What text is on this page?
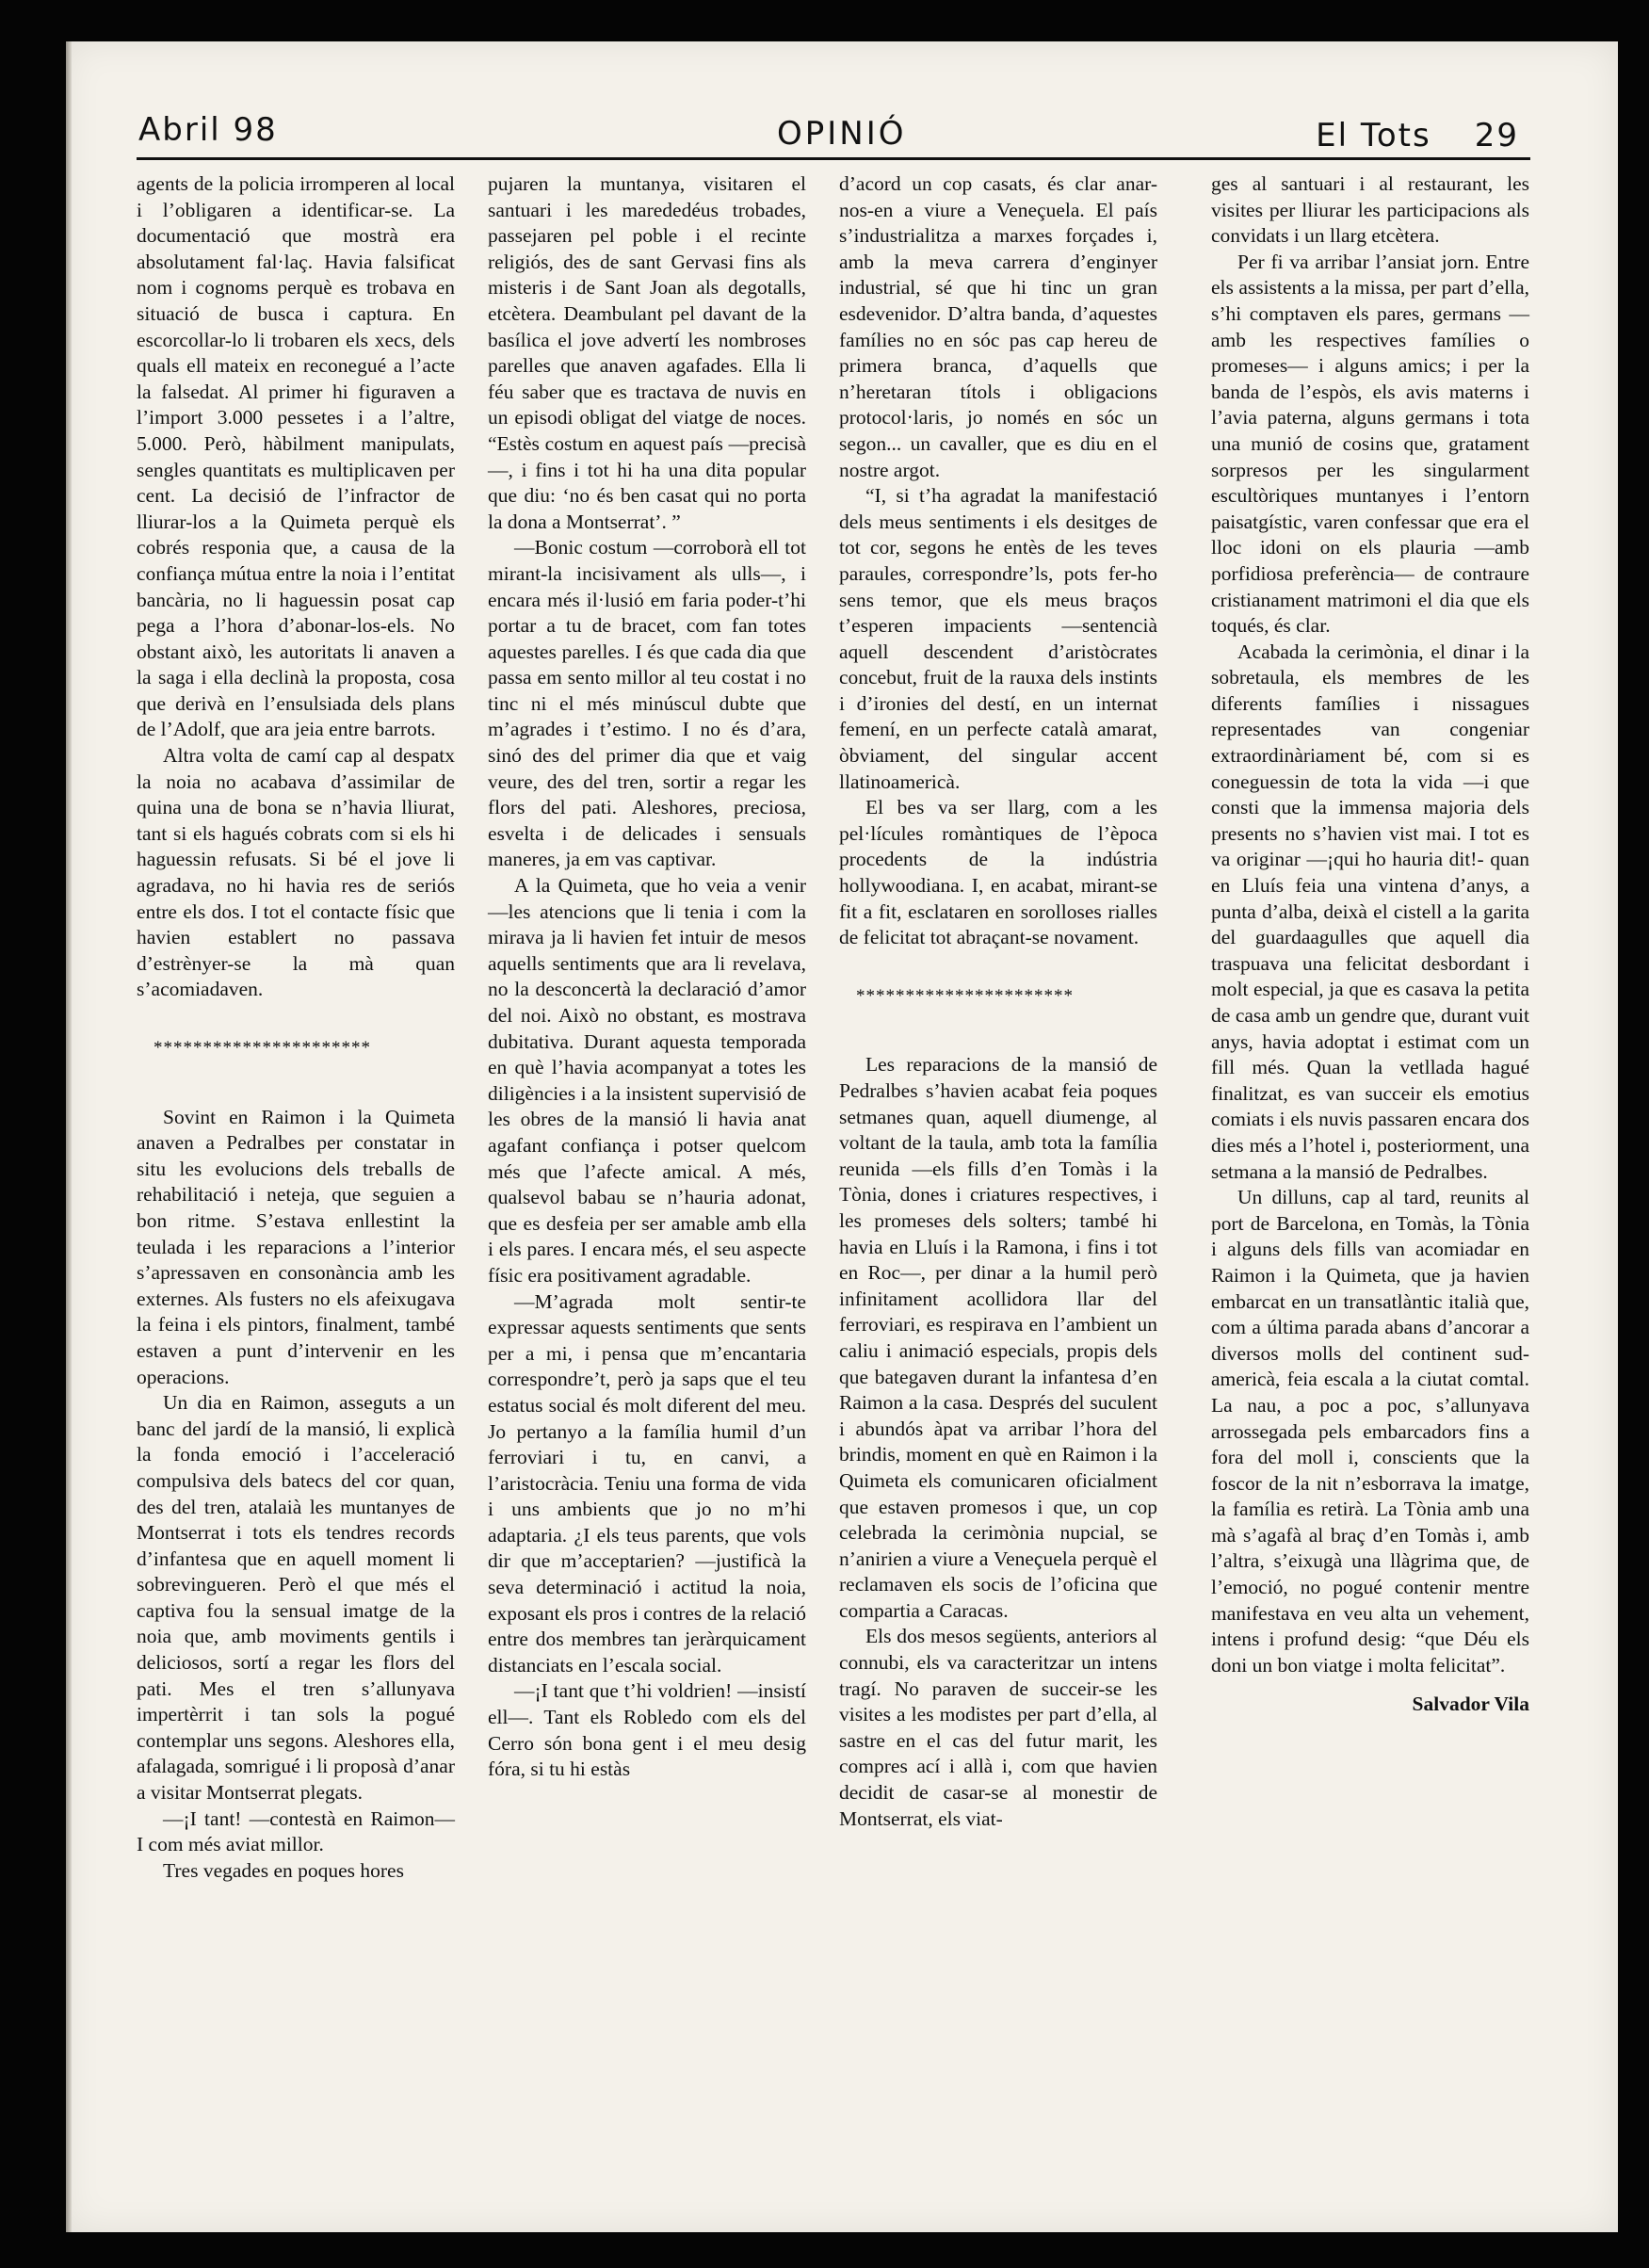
Abril 98	OPINIÓ	El Tots 29

agents de la policia irromperen al local i l’obligaren a identificar-se. La documentació que mostrà era absolutament fal·laç. Havia falsificat nom i cognoms perquè es trobava en situació de busca i captura. En escorcollar-lo li trobaren els xecs, dels quals ell mateix en reconegué a l’acte la falsedat. Al primer hi figuraven a l’import 3.000 pessetes i a l’altre, 5.000. Però, hàbilment manipulats, sengles quantitats es multiplicaven per cent. La decisió de l’infractor de lliurar-los a la Quimeta perquè els cobrés responia que, a causa de la confiança mútua entre la noia i l’entitat bancària, no li haguessin posat cap pega a l’hora d’abonar-los-els. No obstant això, les autoritats li anaven a la saga i ella declinà la proposta, cosa que derivà en l’ensulsiada dels plans de l’Adolf, que ara jeia entre barrots.

Altra volta de camí cap al despatx la noia no acabava d’assimilar de quina una de bona se n’havia lliurat, tant si els hagués cobrats com si els hi haguessin refusats. Si bé el jove li agradava, no hi havia res de seriós entre els dos. I tot el contacte físic que havien establert no passava d’estrènyer-se la mà quan s’acomiadaven.

**********************

Sovint en Raimon i la Quimeta anaven a Pedralbes per constatar in situ les evolucions dels treballs de rehabilitació i neteja, que seguien a bon ritme. S’estava enllestint la teulada i les reparacions a l’interior s’apressaven en consonància amb les externes. Als fusters no els afeixugava la feina i els pintors, finalment, també estaven a punt d’intervenir en les operacions.

Un dia en Raimon, asseguts a un banc del jardí de la mansió, li explicà la fonda emoció i l’acceleració compulsiva dels batecs del cor quan, des del tren, atalaià les muntanyes de Montserrat i tots els tendres records d’infantesa que en aquell moment li sobrevingueren. Però el que més el captiva fou la sensual imatge de la noia que, amb moviments gentils i deliciosos, sortí a regar les flors del pati. Mes el tren s’allunyava impertèrrit i tan sols la pogué contemplar uns segons. Aleshores ella, afalagada, somrigué i li proposà d’anar a visitar Montserrat plegats.

—¡I tant! —contestà en Raimon— I com més aviat millor.

Tres vegades en poques hores

pujaren la muntanya, visitaren el santuari i les marededéus trobades, passejaren pel poble i el recinte religiós, des de sant Gervasi fins als misteris i de Sant Joan als degotalls, etcètera. Deambulant pel davant de la basílica el jove advertí les nombroses parelles que anaven agafades. Ella li féu saber que es tractava de nuvis en un episodi obligat del viatge de noces. “Estès costum en aquest país —precisà—, i fins i tot hi ha una dita popular que diu: ‘no és ben casat qui no porta la dona a Montserrat’. ”

—Bonic costum —corroborà ell tot mirant-la incisivament als ulls—, i encara més il·lusió em faria poder-t’hi portar a tu de bracet, com fan totes aquestes parelles. I és que cada dia que passa em sento millor al teu costat i no tinc ni el més minúscul dubte que m’agrades i t’estimo. I no és d’ara, sinó des del primer dia que et vaig veure, des del tren, sortir a regar les flors del pati. Aleshores, preciosa, esvelta i de delicades i sensuals maneres, ja em vas captivar.

A la Quimeta, que ho veia a venir —les atencions que li tenia i com la mirava ja li havien fet intuir de mesos aquells sentiments que ara li revelava, no la desconcertà la declaració d’amor del noi. Això no obstant, es mostrava dubitativa. Durant aquesta temporada en què l’havia acompanyat a totes les diligències i a la insistent supervisió de les obres de la mansió li havia anat agafant confiança i potser quelcom més que l’afecte amical. A més, qualsevol babau se n’hauria adonat, que es desfeia per ser amable amb ella i els pares. I encara més, el seu aspecte físic era positivament agradable.

—M’agrada molt sentir-te expressar aquests sentiments que sents per a mi, i pensa que m’encantaria correspondre’t, però ja saps que el teu estatus social és molt diferent del meu. Jo pertanyo a la família humil d’un ferroviari i tu, en canvi, a l’aristocràcia. Teniu una forma de vida i uns ambients que jo no m’hi adaptaria. ¿I els teus parents, que vols dir que m’acceptarien? —justificà la seva determinació i actitud la noia, exposant els pros i contres de la relació entre dos membres tan jeràrquicament distanciats en l’escala social.

—¡I tant que t’hi voldrien! —insistí ell—. Tant els Robledo com els del Cerro són bona gent i el meu desig fóra, si tu hi estàs

d’acord un cop casats, és clar anar-nos-en a viure a Veneçuela. El país s’industrialitza a marxes forçades i, amb la meva carrera d’enginyer industrial, sé que hi tinc un gran esdevenidor. D’altra banda, d’aquestes famílies no en sóc pas cap hereu de primera branca, d’aquells que n’heretaran títols i obligacions protocol·laris, jo només en sóc un segon... un cavaller, que es diu en el nostre argot.

“I, si t’ha agradat la manifestació dels meus sentiments i els desitges de tot cor, segons he entès de les teves paraules, correspondre’ls, pots fer-ho sens temor, que els meus braços t’esperen impacients —sentencià aquell descendent d’aristòcrates concebut, fruit de la rauxa dels instints i d’ironies del destí, en un internat femení, en un perfecte català amarat, òbviament, del singular accent llatinoamericà.

El bes va ser llarg, com a les pel·lícules romàntiques de l’època procedents de la indústria hollywoodiana. I, en acabat, mirant-se fit a fit, esclataren en sorolloses rialles de felicitat tot abraçant-se novament.

**********************

Les reparacions de la mansió de Pedralbes s’havien acabat feia poques setmanes quan, aquell diumenge, al voltant de la taula, amb tota la família reunida —els fills d’en Tomàs i la Tònia, dones i criatures respectives, i les promeses dels solters; també hi havia en Lluís i la Ramona, i fins i tot en Roc—, per dinar a la humil però infinitament acollidora llar del ferroviari, es respirava en l’ambient un caliu i animació especials, propis dels que bategaven durant la infantesa d’en Raimon a la casa. Després del suculent i abundós àpat va arribar l’hora del brindis, moment en què en Raimon i la Quimeta els comunicaren oficialment que estaven promesos i que, un cop celebrada la cerimònia nupcial, se n’anirien a viure a Veneçuela perquè el reclamaven els socis de l’oficina que compartia a Caracas.

Els dos mesos següents, anteriors al connubi, els va caracteritzar un intens tragí. No paraven de succeir-se les visites a les modistes per part d’ella, al sastre en el cas del futur marit, les compres ací i allà i, com que havien decidit de casar-se al monestir de Montserrat, els viat-

ges al santuari i al restaurant, les visites per lliurar les participacions als convidats i un llarg etcètera.

Per fi va arribar l’ansiat jorn. Entre els assistents a la missa, per part d’ella, s’hi comptaven els pares, germans —amb les respectives famílies o promeses— i alguns amics; i per la banda de l’espòs, els avis materns i l’avia paterna, alguns germans i tota una munió de cosins que, gratament sorpresos per les singularment escultòriques muntanyes i l’entorn paisatgístic, varen confessar que era el lloc idoni on els plauria —amb porfidiosa preferència— de contraure cristianament matrimoni el dia que els toqués, és clar.

Acabada la cerimònia, el dinar i la sobretaula, els membres de les diferents famílies i nissagues representades van congeniar extraordinàriament bé, com si es coneguessin de tota la vida —i que consti que la immensa majoria dels presents no s’havien vist mai. I tot es va originar —¡qui ho hauria dit!- quan en Lluís feia una vintena d’anys, a punta d’alba, deixà el cistell a la garita del guardaagulles que aquell dia traspuava una felicitat desbordant i molt especial, ja que es casava la petita de casa amb un gendre que, durant vuit anys, havia adoptat i estimat com un fill més. Quan la vetllada hagué finalitzat, es van succeir els emotius comiats i els nuvis passaren encara dos dies més a l’hotel i, posteriorment, una setmana a la mansió de Pedralbes.

Un dilluns, cap al tard, reunits al port de Barcelona, en Tomàs, la Tònia i alguns dels fills van acomiadar en Raimon i la Quimeta, que ja havien embarcat en un transatlàntic italià que, com a última parada abans d’ancorar a diversos molls del continent sud-americà, feia escala a la ciutat comtal. La nau, a poc a poc, s’allunyava arrossegada pels embarcadors fins a fora del moll i, conscients que la foscor de la nit n’esborrava la imatge, la família es retirà. La Tònia amb una mà s’agafà al braç d’en Tomàs i, amb l’altra, s’eixugà una llàgrima que, de l’emoció, no pogué contenir mentre manifestava en veu alta un vehement, intens i profund desig: “que Déu els doni un bon viatge i molta felicitat”.

Salvador Vila
